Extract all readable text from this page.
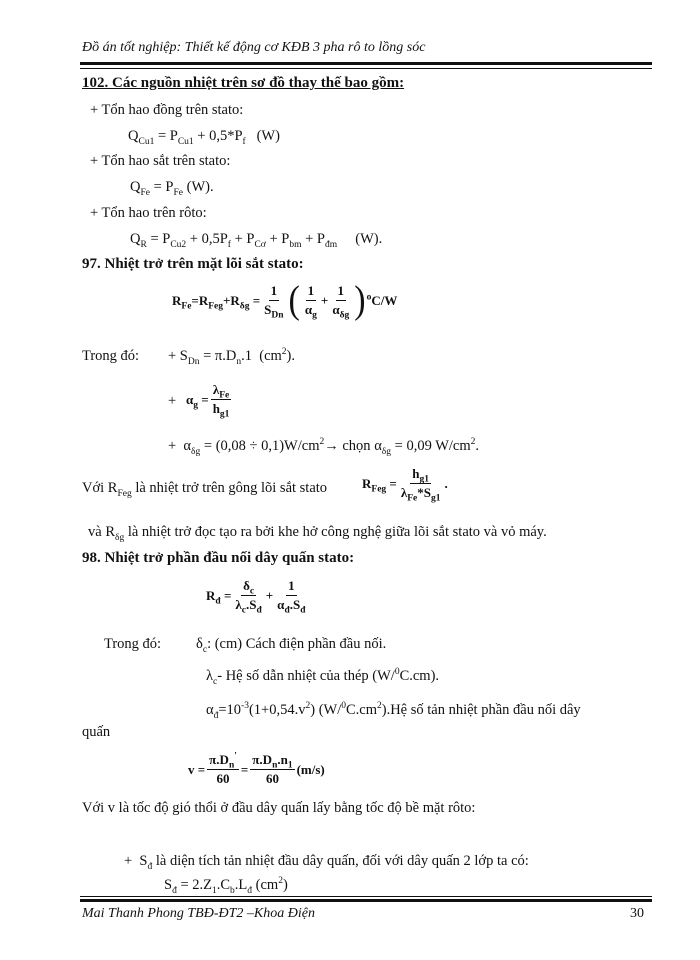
Đồ án tốt nghiệp: Thiết kế động cơ KĐB 3 pha rô to lồng sóc
102. Các nguồn nhiệt trên sơ đồ thay thế bao gồm:
+ Tổn hao đồng trên stato:
$Q_{Cu1} = P_{Cu1} + 0,5*P_f$   (W)
+ Tổn hao sắt trên stato:
$Q_{Fe} = P_{Fe}$ (W).
+ Tổn hao trên rôto:
$Q_R = P_{Cu2} + 0,5P_f + P_{Cơ} + P_{bm} + P_{đm}$     (W).
97. Nhiệt trở trên mặt lõi sắt stato:
$R_{Fe}=R_{Feg}+R_{\delta g} = \frac{1}{S_{Dn}}$ ( $\frac{1}{\alpha_g} + \frac{1}{\alpha_{\delta g}}$ ) $^o$C/W
Trong đó: + $S_{Dn} = \pi.D_n.1$  $(cm^2)$.
+ $\alpha_g = \frac{\lambda_{Fe}}{h_{g1}}$
+  $\alpha_{\delta g} = (0,08 \div 0,1)W/cm^2\to$ chọn $\alpha_{\delta g} = 0,09$ $W/cm^2$.
Với $R_{Feg}$ là nhiệt trở trên gông lõi sắt stato	$R_{Feg} = \frac{h_{g1}}{\lambda_{Fe}*S_{g1}}$ .
và $R_{\delta g}$ là nhiệt trở đọc tạo ra bởi khe hở công nghệ giữa lõi sắt stato và vỏ máy.
98. Nhiệt trở phần đầu nối dây quấn stato:
$R_đ = \frac{\delta_c}{\lambda_c.S_đ} + \frac{1}{\alpha_đ.S_đ}$
Trong đó: $\delta_c$: (cm) Cách điện phần đầu nối.
$\lambda_c-$ Hệ số dẫn nhiệt của thép (W/$^0$C.cm).
$\alpha_đ=10^{-3}(1+0,54.v^2)$ $(W/^0C.cm^2).Hệ$ số tản nhiệt phần đầu nối dây
quấn
$v = \frac{\pi.D_n'}{60} = \frac{\pi.D_n.n_1}{60} (m/s)$
Với v là tốc độ gió thổi ở đầu dây quấn lấy bằng tốc độ bề mặt rôto:
+  $S_đ$ là diện tích tản nhiệt đầu dây quấn, đối với dây quấn 2 lớp ta có:
$S_đ = 2.Z_1.C_b.L_đ$ $(cm^2)$
Mai Thanh Phong TBĐ-ĐT2 –Khoa Điện	30
